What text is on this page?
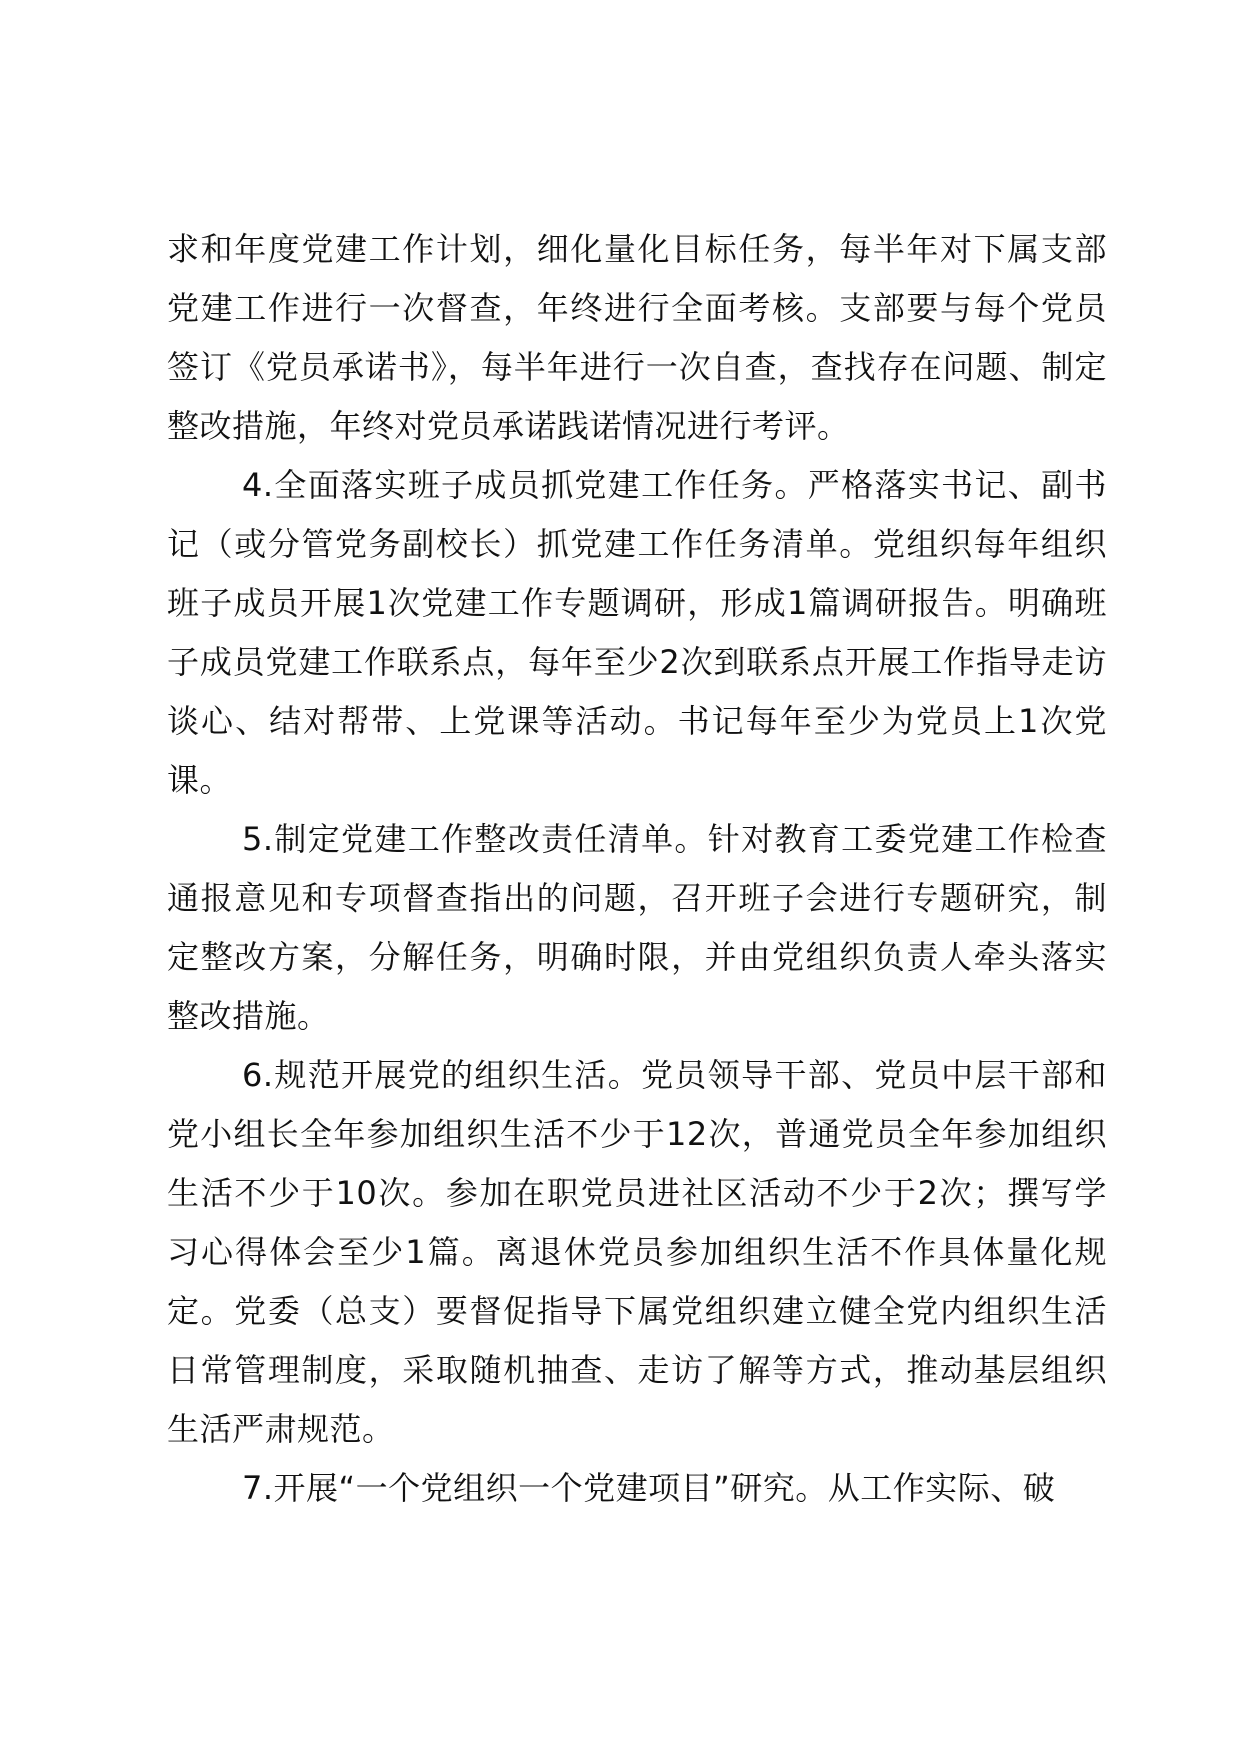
求和年度党建工作计划，细化量化目标任务，每半年对下属支部党建工作进行一次督查，年终进行全面考核。支部要与每个党员签订《党员承诺书》，每半年进行一次自查，查找存在问题、制定整改措施，年终对党员承诺践诺情况进行考评。

4.全面落实班子成员抓党建工作任务。严格落实书记、副书记（或分管党务副校长）抓党建工作任务清单。党组织每年组织班子成员开展1次党建工作专题调研，形成1篇调研报告。明确班子成员党建工作联系点，每年至少2次到联系点开展工作指导走访谈心、结对帮带、上党课等活动。书记每年至少为党员上1次党课。

5.制定党建工作整改责任清单。针对教育工委党建工作检查通报意见和专项督查指出的问题，召开班子会进行专题研究，制定整改方案，分解任务，明确时限，并由党组织负责人牵头落实整改措施。

6.规范开展党的组织生活。党员领导干部、党员中层干部和党小组长全年参加组织生活不少于12次，普通党员全年参加组织生活不少于10次。参加在职党员进社区活动不少于2次；撰写学习心得体会至少1篇。离退休党员参加组织生活不作具体量化规定。党委（总支）要督促指导下属党组织建立健全党内组织生活日常管理制度，采取随机抽查、走访了解等方式，推动基层组织生活严肃规范。

7.开展“一个党组织一个党建项目”研究。从工作实际、破
